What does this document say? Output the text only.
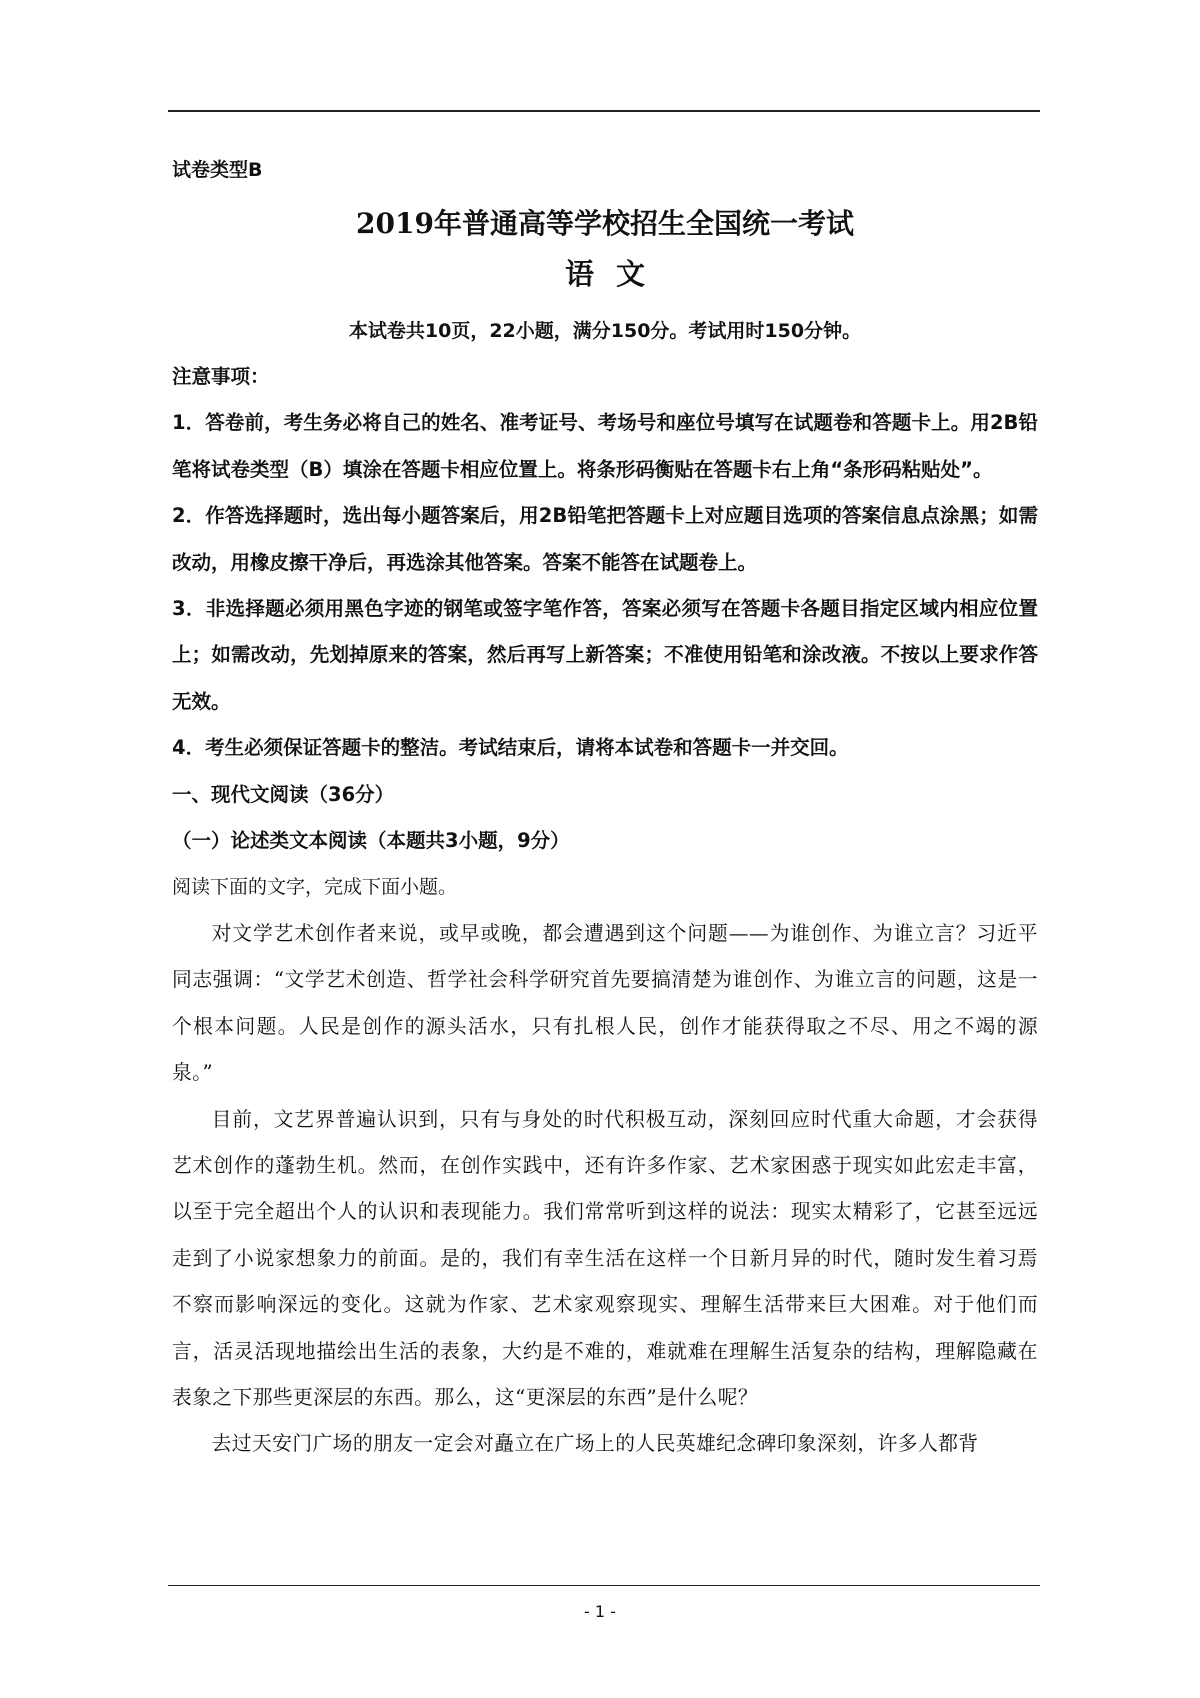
试卷类型B
2019年普通高等学校招生全国统一考试
语文
本试卷共10页，22小题，满分150分。考试用时150分钟。
注意事项：
1．答卷前，考生务必将自己的姓名、准考证号、考场号和座位号填写在试题卷和答题卡上。用2B铅笔将试卷类型（B）填涂在答题卡相应位置上。将条形码衡贴在答题卡右上角“条形码粘贴处”。
2．作答选择题时，选出每小题答案后，用2B铅笔把答题卡上对应题目选项的答案信息点涂黑；如需改动，用橡皮擦干净后，再选涂其他答案。答案不能答在试题卷上。
3．非选择题必须用黑色字迹的钢笔或签字笔作答，答案必须写在答题卡各题目指定区域内相应位置上；如需改动，先划掉原来的答案，然后再写上新答案；不准使用铅笔和涂改液。不按以上要求作答无效。
4．考生必须保证答题卡的整洁。考试结束后，请将本试卷和答题卡一并交回。
一、现代文阅读（36分）
（一）论述类文本阅读（本题共3小题，9分）
阅读下面的文字，完成下面小题。

对文学艺术创作者来说，或早或晚，都会遭遇到这个问题——为谁创作、为谁立言？习近平同志强调：“文学艺术创造、哲学社会科学研究首先要搞清楚为谁创作、为谁立言的问题，这是一个根本问题。人民是创作的源头活水，只有扎根人民，创作才能获得取之不尽、用之不竭的源泉。”

目前，文艺界普遍认识到，只有与身处的时代积极互动，深刻回应时代重大命题，才会获得艺术创作的蓬勃生机。然而，在创作实践中，还有许多作家、艺术家困惑于现实如此宏走丰富，以至于完全超出个人的认识和表现能力。我们常常听到这样的说法：现实太精彩了，它甚至远远走到了小说家想象力的前面。是的，我们有幸生活在这样一个日新月异的时代，随时发生着习焉不察而影响深远的变化。这就为作家、艺术家观察现实、理解生活带来巨大困难。对于他们而言，活灵活现地描绘出生活的表象，大约是不难的，难就难在理解生活复杂的结构，理解隐藏在表象之下那些更深层的东西。那么，这“更深层的东西”是什么呢？

去过天安门广场的朋友一定会对矗立在广场上的人民英雄纪念碑印象深刻，许多人都背

- 1 -
